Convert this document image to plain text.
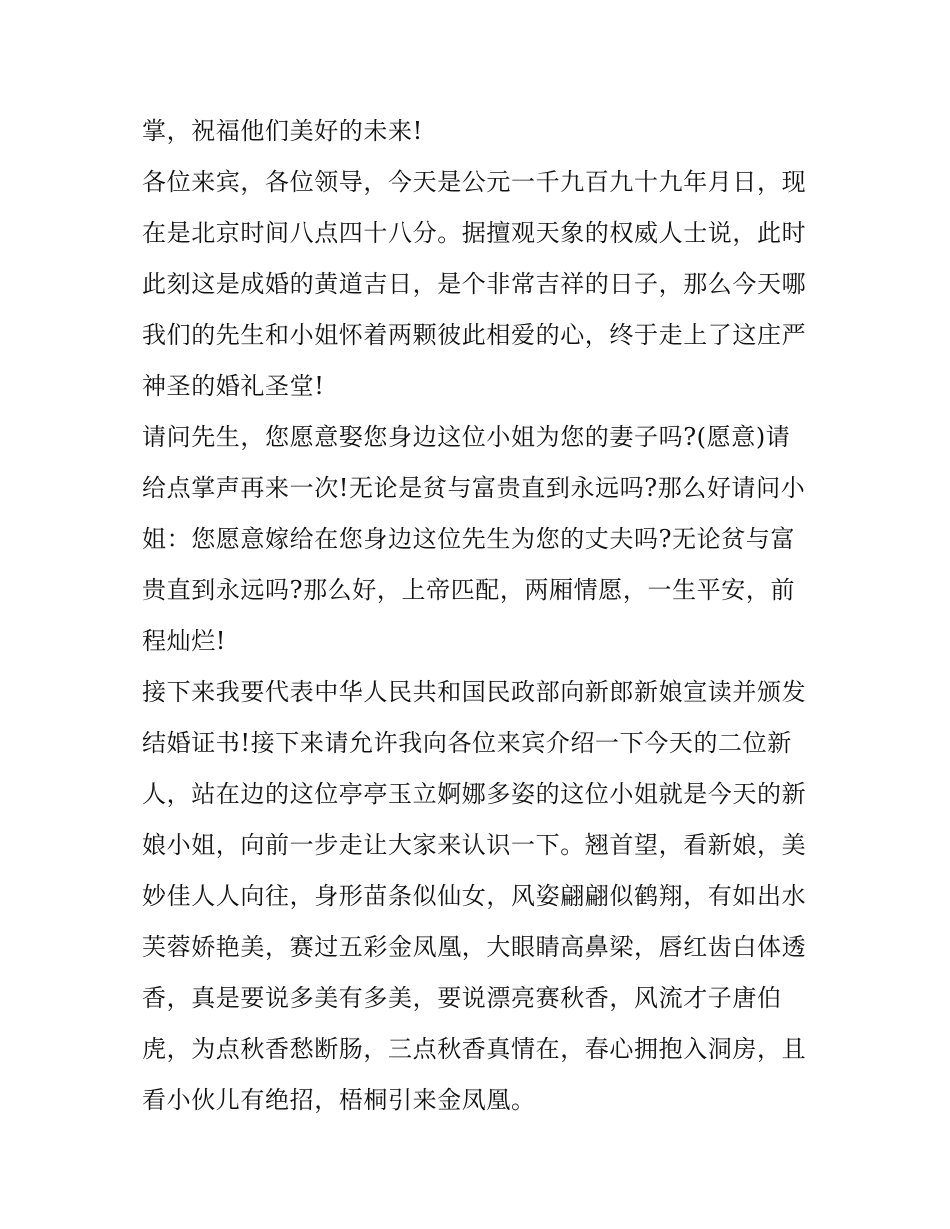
掌，祝福他们美好的未来!

各位来宾，各位领导，今天是公元一千九百九十九年月日，现
在是北京时间八点四十八分。据擅观天象的权威人士说，此时
此刻这是成婚的黄道吉日，是个非常吉祥的日子，那么今天哪
我们的先生和小姐怀着两颗彼此相爱的心，终于走上了这庄严
神圣的婚礼圣堂!

请问先生，您愿意娶您身边这位小姐为您的妻子吗?(愿意)请
给点掌声再来一次!无论是贫与富贵直到永远吗?那么好请问小
姐：您愿意嫁给在您身边这位先生为您的丈夫吗?无论贫与富
贵直到永远吗?那么好，上帝匹配，两厢情愿，一生平安，前
程灿烂!

接下来我要代表中华人民共和国民政部向新郎新娘宣读并颁发
结婚证书!接下来请允许我向各位来宾介绍一下今天的二位新
人，站在边的这位亭亭玉立婀娜多姿的这位小姐就是今天的新
娘小姐，向前一步走让大家来认识一下。翘首望，看新娘，美
妙佳人人向往，身形苗条似仙女，风姿翩翩似鹤翔，有如出水
芙蓉娇艳美，赛过五彩金凤凰，大眼睛高鼻梁，唇红齿白体透
香，真是要说多美有多美，要说漂亮赛秋香，风流才子唐伯
虎，为点秋香愁断肠，三点秋香真情在，春心拥抱入洞房，且
看小伙儿有绝招，梧桐引来金凤凰。
